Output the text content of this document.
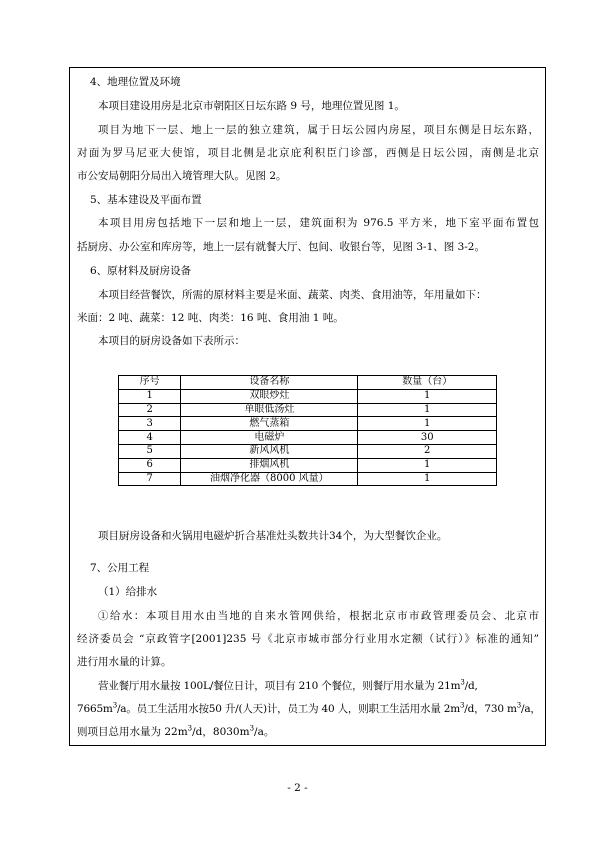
4、地理位置及环境
本项目建设用房是北京市朝阳区日坛东路 9 号，地理位置见图 1。
项目为地下一层、地上一层的独立建筑，属于日坛公园内房屋，项目东侧是日坛东路，
对面为罗马尼亚大使馆，项目北侧是北京庇利积臣门诊部，西侧是日坛公园，南侧是北京
市公安局朝阳分局出入境管理大队。见图 2。
5、基本建设及平面布置
本项目用房包括地下一层和地上一层，建筑面积为 976.5 平方米，地下室平面布置包
括厨房、办公室和库房等，地上一层有就餐大厅、包间、收银台等，见图 3-1、图 3-2。
6、原材料及厨房设备
本项目经营餐饮，所需的原材料主要是米面、蔬菜、肉类、食用油等，年用量如下：
米面：2 吨、蔬菜：12 吨、肉类：16 吨、食用油 1 吨。
本项目的厨房设备如下表所示：
序号	设备名称	数量（台）
1	双眼炒灶	1
2	单眼低汤灶	1
3	燃气蒸箱	1
4	电磁炉	30
5	新风风机	2
6	排烟风机	1
7	油烟净化器（8000 风量）	1
项目厨房设备和火锅用电磁炉折合基准灶头数共计34个，为大型餐饮企业。
7、公用工程
（1）给排水
①给水：本项目用水由当地的自来水管网供给，根据北京市市政管理委员会、北京市
经济委员会 “京政管字[2001]235 号《北京市城市部分行业用水定额（试行）》标准的通知”
进行用水量的计算。
营业餐厅用水量按 100L/餐位日计，项目有 210 个餐位，则餐厅用水量为 $21m^3/d$,
$7665m^3/a$。员工生活用水按50 升/(人天)计，员工为 40 人，则职工生活用水量 $2m^3/d$，730 $m^3/a$，
则项目总用水量为 $22m^3/d$，$8030m^3/a$。
- 2 -
